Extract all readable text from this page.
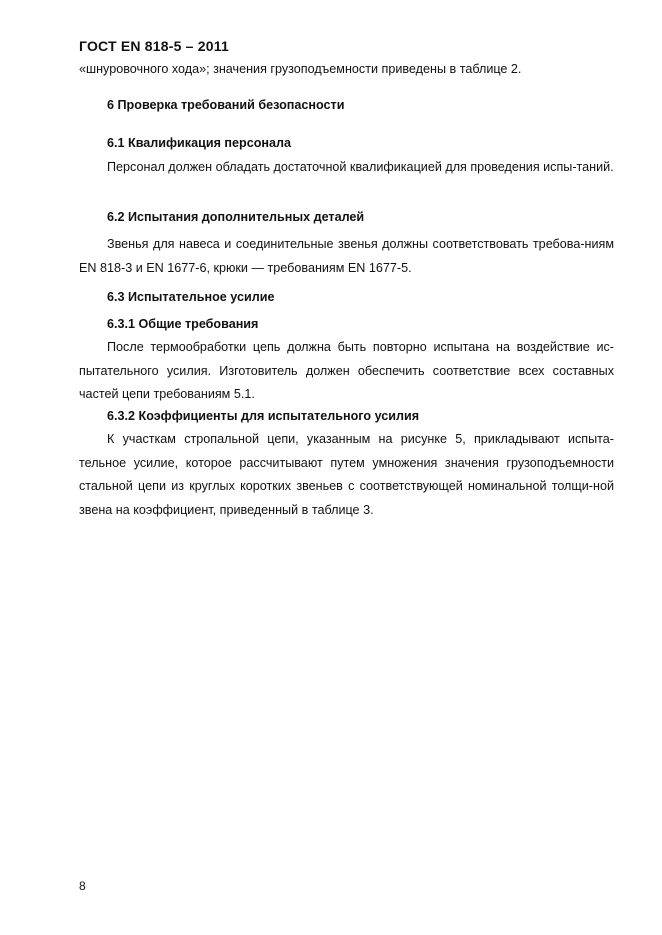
ГОСТ EN 818-5 – 2011

«шнуровочного хода»; значения грузоподъемности приведены в таблице 2.

6 Проверка требований безопасности

6.1 Квалификация персонала

Персонал должен обладать достаточной квалификацией для проведения испы-таний.

6.2 Испытания дополнительных деталей

Звенья для навеса и соединительные звенья должны соответствовать требова-ниям EN 818-3 и EN 1677-6, крюки — требованиям EN 1677-5.

6.3 Испытательное усилие

6.3.1 Общие требования

После термообработки цепь должна быть повторно испытана на воздействие ис-пытательного усилия. Изготовитель должен обеспечить соответствие всех составных частей цепи требованиям 5.1.

6.3.2 Коэффициенты для испытательного усилия

К участкам стропальной цепи, указанным на рисунке 5, прикладывают испыта-тельное усилие, которое рассчитывают путем умножения значения грузоподъемности стальной цепи из круглых коротких звеньев с соответствующей номинальной толщи-ной звена на коэффициент, приведенный в таблице 3.

8
